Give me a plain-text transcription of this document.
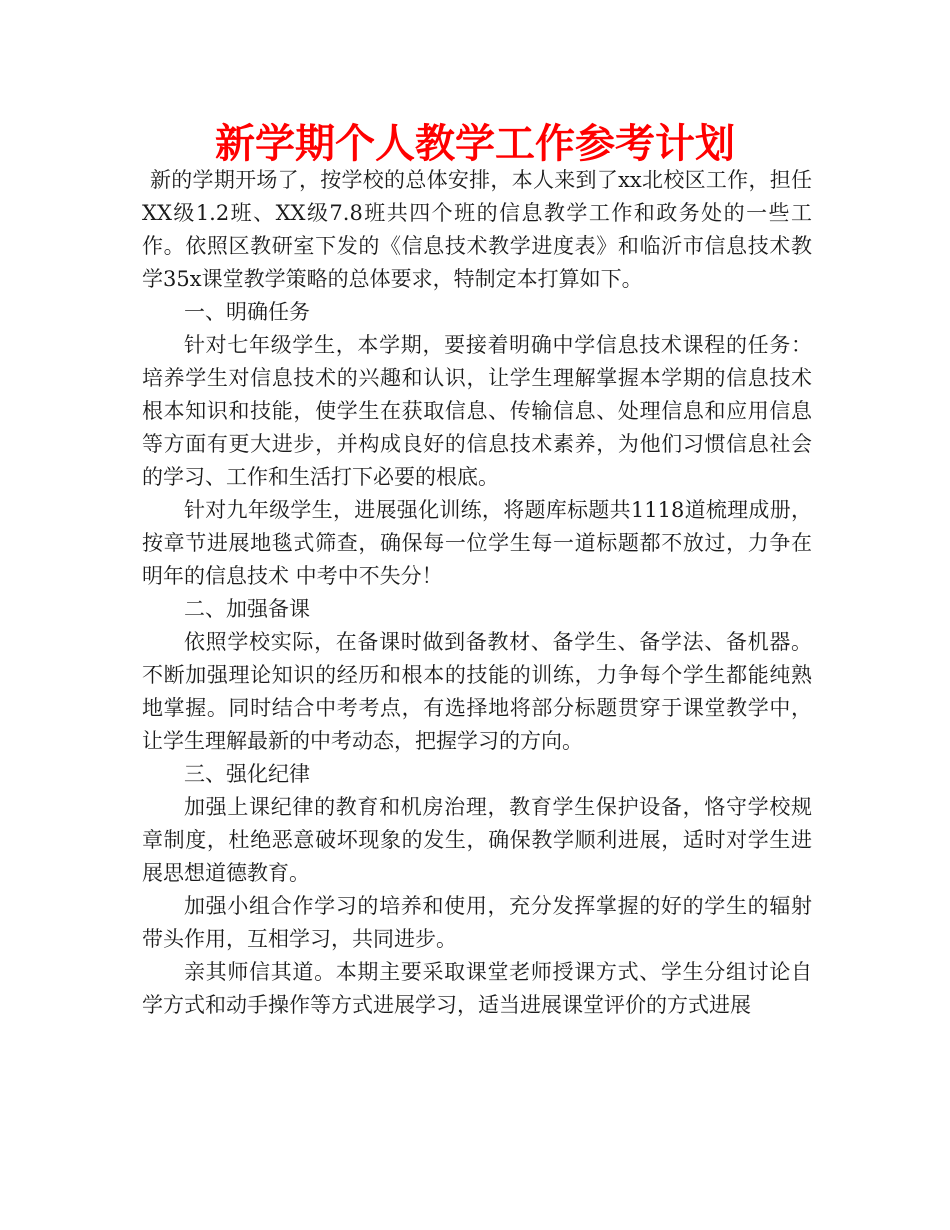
新学期个人教学工作参考计划

新的学期开场了，按学校的总体安排，本人来到了xx北校区工作，担任XX级1.2班、XX级7.8班共四个班的信息教学工作和政务处的一些工作。依照区教研室下发的《信息技术教学进度表》和临沂市信息技术教学35x课堂教学策略的总体要求，特制定本打算如下。

一、明确任务

针对七年级学生，本学期，要接着明确中学信息技术课程的任务：培养学生对信息技术的兴趣和认识，让学生理解掌握本学期的信息技术根本知识和技能，使学生在获取信息、传输信息、处理信息和应用信息等方面有更大进步，并构成良好的信息技术素养，为他们习惯信息社会的学习、工作和生活打下必要的根底。

针对九年级学生，进展强化训练，将题库标题共1118道梳理成册，按章节进展地毯式筛查，确保每一位学生每一道标题都不放过，力争在明年的信息技术 中考中不失分！

二、加强备课

依照学校实际，在备课时做到备教材、备学生、备学法、备机器。不断加强理论知识的经历和根本的技能的训练，力争每个学生都能纯熟地掌握。同时结合中考考点，有选择地将部分标题贯穿于课堂教学中，让学生理解最新的中考动态，把握学习的方向。

三、强化纪律

加强上课纪律的教育和机房治理，教育学生保护设备，恪守学校规章制度，杜绝恶意破坏现象的发生，确保教学顺利进展，适时对学生进展思想道德教育。

加强小组合作学习的培养和使用，充分发挥掌握的好的学生的辐射带头作用，互相学习，共同进步。

亲其师信其道。本期主要采取课堂老师授课方式、学生分组讨论自学方式和动手操作等方式进展学习，适当进展课堂评价的方式进展
